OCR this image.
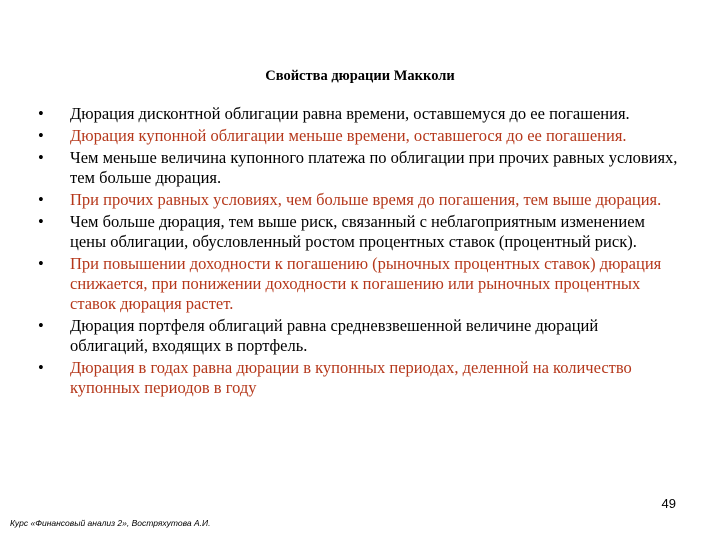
Свойства дюрации Макколи
• Дюрация дисконтной облигации равна времени, оставшемуся до ее погашения.
• Дюрация купонной облигации меньше времени, оставшегося до ее погашения.
• Чем меньше величина купонного платежа по облигации при прочих равных условиях, тем больше дюрация.
• При прочих равных условиях, чем больше время до погашения, тем выше дюрация.
• Чем больше дюрация, тем выше риск, связанный с неблагоприятным изменением цены облигации, обусловленный ростом процентных ставок (процентный риск).
• При повышении доходности к погашению (рыночных процентных ставок) дюрация снижается, при понижении доходности к погашению или рыночных процентных ставок дюрация растет.
• Дюрация портфеля облигаций равна средневзвешенной величине дюраций облигаций, входящих в портфель.
• Дюрация в годах равна дюрации в купонных периодах, деленной на количество купонных периодов в году
49
Курс «Финансовый анализ 2», Востряхутова А.И.
